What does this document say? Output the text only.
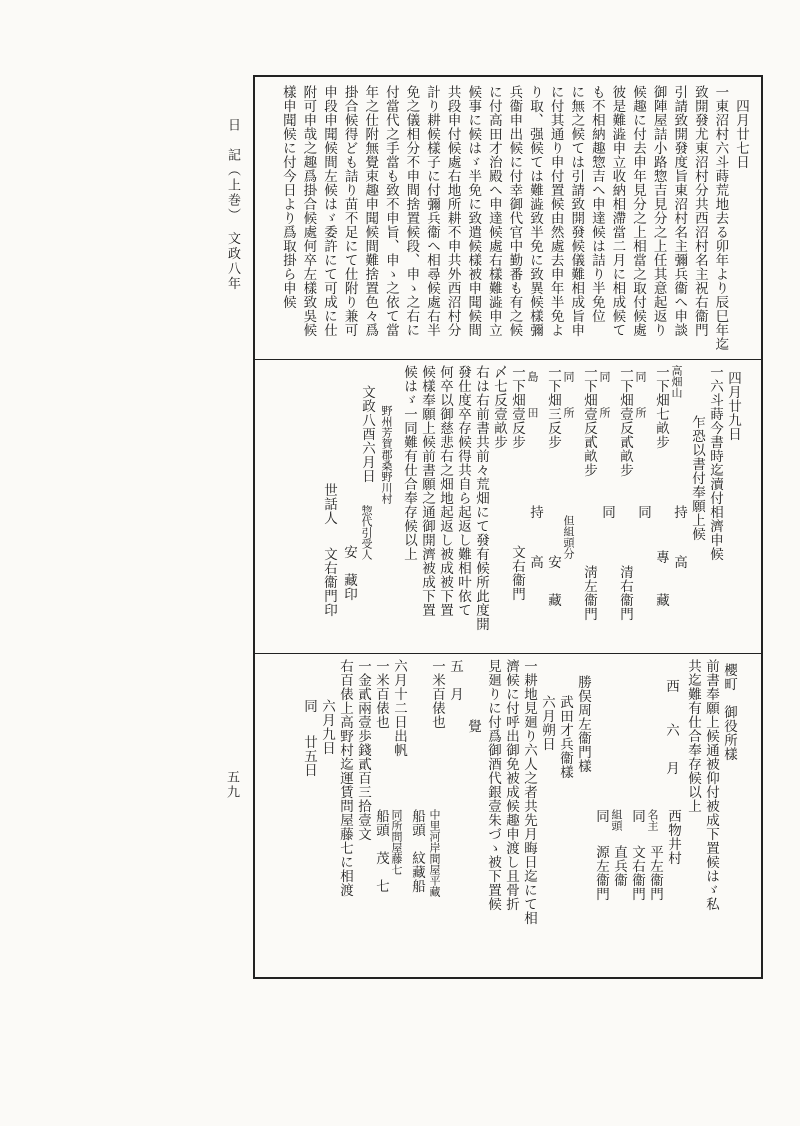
日　記（上巻）　文政八年
五九
四月廿七日
一東沼村六斗蒔荒地去る卯年より辰巳年迄
致開發尤東沼村分共西沼村名主祝右衞門
引請致開發度旨東沼村名主彌兵衞へ申談
御陣屋詰小路惣吉見分之上任其意起返り
候趣に付去申年見分之上相當之取付候處
彼是難澁申立收納相滯當二月に相成候て
も不相納趣惣吉へ申達候は詰り半免位
に無之候ては引請致開發候儀難相成旨申
に付其通り申付置候由然處去申年半免よ
り取、强候ては難澁致半免に致異候樣彌
兵衞申出候に付幸御代官中勤番も有之候
に付高田才治殿へ申達候處右樣難澁申立
候事に候はゞ半免に致遣候樣被申聞候間
共段申付候處右地所耕不申共外西沼村分
計り耕候樣子に付彌兵衞へ相尋候處右半
免之儀相分不申間捨置候段、申ゝ之右に
付當代之手當も致不申旨、申ゝ之依て當
年之仕附無覺束趣申聞候間難捨置色々爲
掛合候得ども詰り苗不足にて仕附り兼可
申段申聞候間左候はゞ委許にて可成に仕
附可申哉之趣爲掛合候處何卒左樣致吳候
樣申聞候に付今日より爲取掛ら申候
四月廿九日
一六斗蒔今書時迄瀆付相濟申候
乍恐以書付奉願上候
高畑山
持
高
一下畑七畝步
專
藏
同
所
同
一下畑壹反貳畝步
清右衞門
同
所
同
一下畑壹反貳畝步
淸左衞門
同
所
但組頭分
一下畑三反步
安
藏
島
田
持
高
一下畑壹反步
文右衞門
〆七反壹畝步
右は右前書共前々荒畑にて發有候所此度開
發仕度卒存候得共自ら起返し難相叶依て
何卒以御慈悲右之畑地起返し被成被下置
候樣奉願上候前書願之通御開濟被成下置
候はゞ一同難有仕合奉存候以上
野州芳賀郡桑野川村
文政八酉六月日
惣代引受人
安　藏印
世話人
文右衞門印
櫻町　御役所樣
前書奉願上候通被仰付被成下置候はゞ私
共迄難有仕合奉存候以上
西
六
月
西物井村
名主
平左衞門
同
文右衞門
組頭
直兵衞
同
源左衞門
勝俣周左衞門樣
武田才兵衞樣
六月朔日
一耕地見廻り六人之者共先月晦日迄にて相
濟候に付呼出御免被成候趣申渡し且骨折
見廻りに付爲御酒代銀壹朱づゝ被下置候
覺
五　月
一米百俵也
中里河岸間屋平藏
船頭　紋藏船
六月十二日出帆
同所問屋藤七
一米百俵也
船頭　茂　七
一金貳兩壹歩錢貳百三拾壹文
右百俵上高野村迄運賃問屋藤七に相渡
六月九日
同
廿五日
